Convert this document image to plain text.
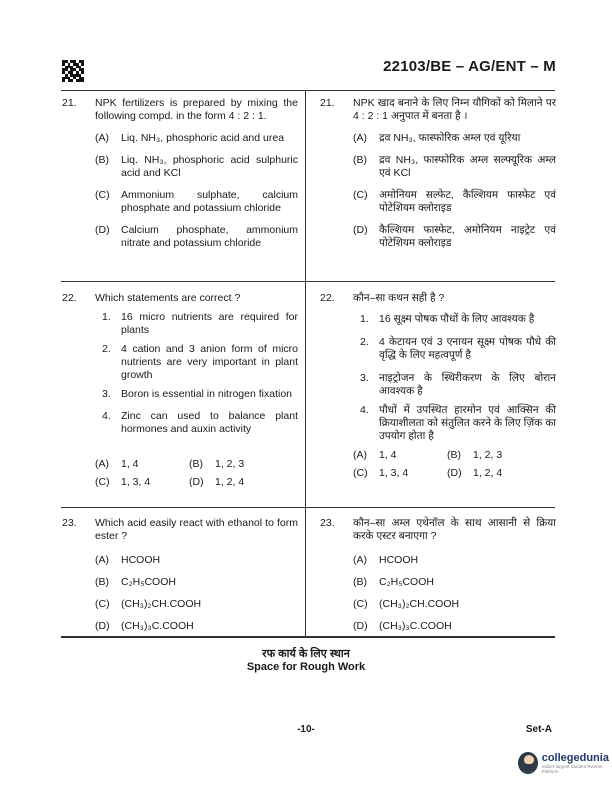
22103/BE – AG/ENT – M
21. NPK fertilizers is prepared by mixing the following compd. in the form 4 : 2 : 1.
(A)	Liq. NH₃, phosphoric acid and urea
(B)	Liq. NH₃, phosphoric acid sulphuric acid and KCl
(C)	Ammonium sulphate, calcium phosphate and potassium chloride
(D)	Calcium phosphate, ammonium nitrate and potassium chloride
21. NPK खाद बनाने के लिए निम्न यौगिकों को मिलाने पर 4 : 2 : 1 अनुपात में बनता है ।
(A)	द्रव NH₃, फास्फोरिक अम्ल एवं यूरिया
(B)	द्रव NH₃, फास्फोरिक अम्ल सल्फ्यूरिक अम्ल एवं KCl
(C)	अमोनियम सल्फेट, कैल्शियम फास्फेट एवं पोटेशियम क्लोराइड
(D)	कैल्शियम फास्फेट, अमोनियम नाइट्रेट एवं पोटेशियम क्लोराइड
22. Which statements are correct ?
1. 16 micro nutrients are required for plants
2. 4 cation and 3 anion form of micro nutrients are very important in plant growth
3. Boron is essential in nitrogen fixation
4. Zinc can used to balance plant hormones and auxin activity
(A) 1, 4	(B) 1, 2, 3
(C) 1, 3, 4	(D) 1, 2, 4
22. कौन–सा कथन सही है ?
1. 16 सूक्ष्म पोषक पौधों के लिए आवश्यक है
2. 4 केटायन एवं 3 एनायन सूक्ष्म पोषक पौधे की वृद्धि के लिए महत्वपूर्ण है
3. नाइट्रोजन के स्थिरीकरण के लिए बोरान आवश्यक है
4. पौधों में उपस्थित हारमोन एवं आक्सिन की क्रियाशीलता को संतुलित करने के लिए ज़िंक का उपयोग होता है
(A) 1, 4	(B) 1, 2, 3
(C) 1, 3, 4	(D) 1, 2, 4
23. Which acid easily react with ethanol to form ester ?
(A)	HCOOH
(B)	C₂H₅COOH
(C)	(CH₃)₂CH.COOH
(D)	(CH₃)₃C.COOH
23. कौन–सा अम्ल एथेनॉल के साथ आसानी से क्रिया करके एस्टर बनाएगा ?
(A)	HCOOH
(B)	C₂H₅COOH
(C)	(CH₃)₂CH.COOH
(D)	(CH₃)₃C.COOH
रफ कार्य के लिए स्थान
Space for Rough Work
-10-	Set-A
collegedunia
India's largest Student Review Platform
